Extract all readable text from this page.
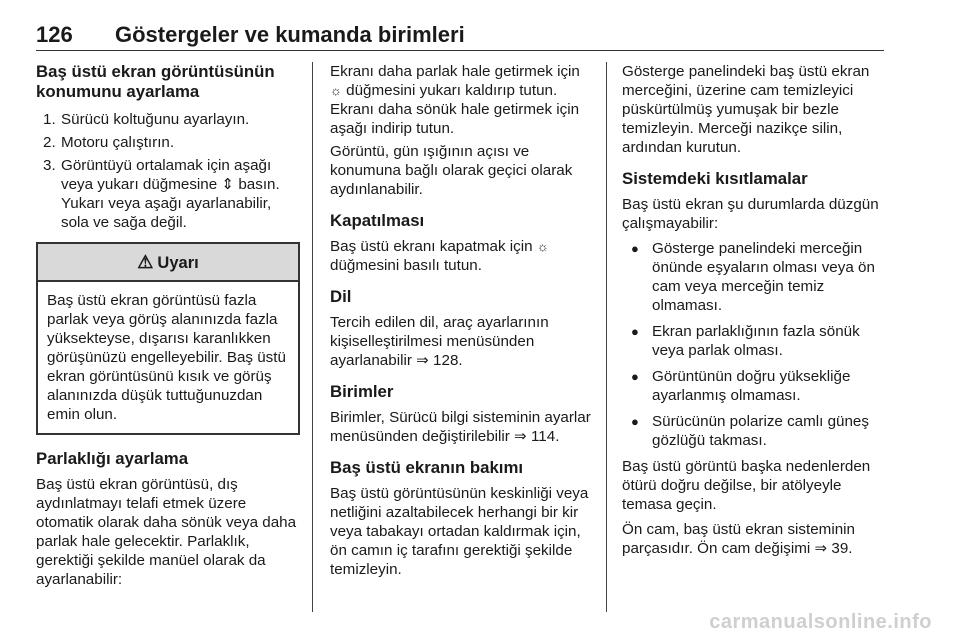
126 Göstergeler ve kumanda birimleri
Baş üstü ekran görüntüsünün konumunu ayarlama
1. Sürücü koltuğunu ayarlayın.
2. Motoru çalıştırın.
3. Görüntüyü ortalamak için aşağı veya yukarı düğmesine ⇕ basın. Yukarı veya aşağı ayarlanabilir, sola ve sağa değil.
⚠ Uyarı
Baş üstü ekran görüntüsü fazla parlak veya görüş alanınızda fazla yüksekteyse, dışarısı karanlıkken görüşünüzü engelleyebilir. Baş üstü ekran görüntüsünü kısık ve görüş alanınızda düşük tuttuğunuzdan emin olun.
Parlaklığı ayarlama

Baş üstü ekran görüntüsü, dış aydınlatmayı telafi etmek üzere otomatik olarak daha sönük veya daha parlak hale gelecektir. Parlaklık, gerektiği şekilde manüel olarak da ayarlanabilir:

Ekranı daha parlak hale getirmek için ☼ düğmesini yukarı kaldırıp tutun.

Ekranı daha sönük hale getirmek için aşağı indirip tutun.

Görüntü, gün ışığının açısı ve konumuna bağlı olarak geçici olarak aydınlanabilir.

Kapatılması

Baş üstü ekranı kapatmak için ☼
düğmesini basılı tutun.

Dil

Tercih edilen dil, araç ayarlarının kişiselleştirilmesi menüsünden ayarlanabilir ⇒ 128.

Birimler

Birimler, Sürücü bilgi sisteminin ayarlar menüsünden değiştirilebilir ⇒ 114.

Baş üstü ekranın bakımı

Baş üstü görüntüsünün keskinliği veya netliğini azaltabilecek herhangi bir kir veya tabakayı ortadan kaldırmak için, ön camın iç tarafını gerektiği şekilde temizleyin.

Gösterge panelindeki baş üstü ekran merceğini, üzerine cam temizleyici püskürtülmüş yumuşak bir bezle temizleyin. Merceği nazikçe silin, ardından kurutun.

Sistemdeki kısıtlamalar

Baş üstü ekran şu durumlarda düzgün çalışmayabilir:

● Gösterge panelindeki merceğin önünde eşyaların olması veya ön cam veya merceğin temiz olmaması.
● Ekran parlaklığının fazla sönük veya parlak olması.
● Görüntünün doğru yüksekliğe ayarlanmış olmaması.
● Sürücünün polarize camlı güneş gözlüğü takması.

Baş üstü görüntü başka nedenlerden ötürü doğru değilse, bir atölyeyle temasa geçin.

Ön cam, baş üstü ekran sisteminin parçasıdır. Ön cam değişimi ⇒ 39.

carmanualsonline.info
